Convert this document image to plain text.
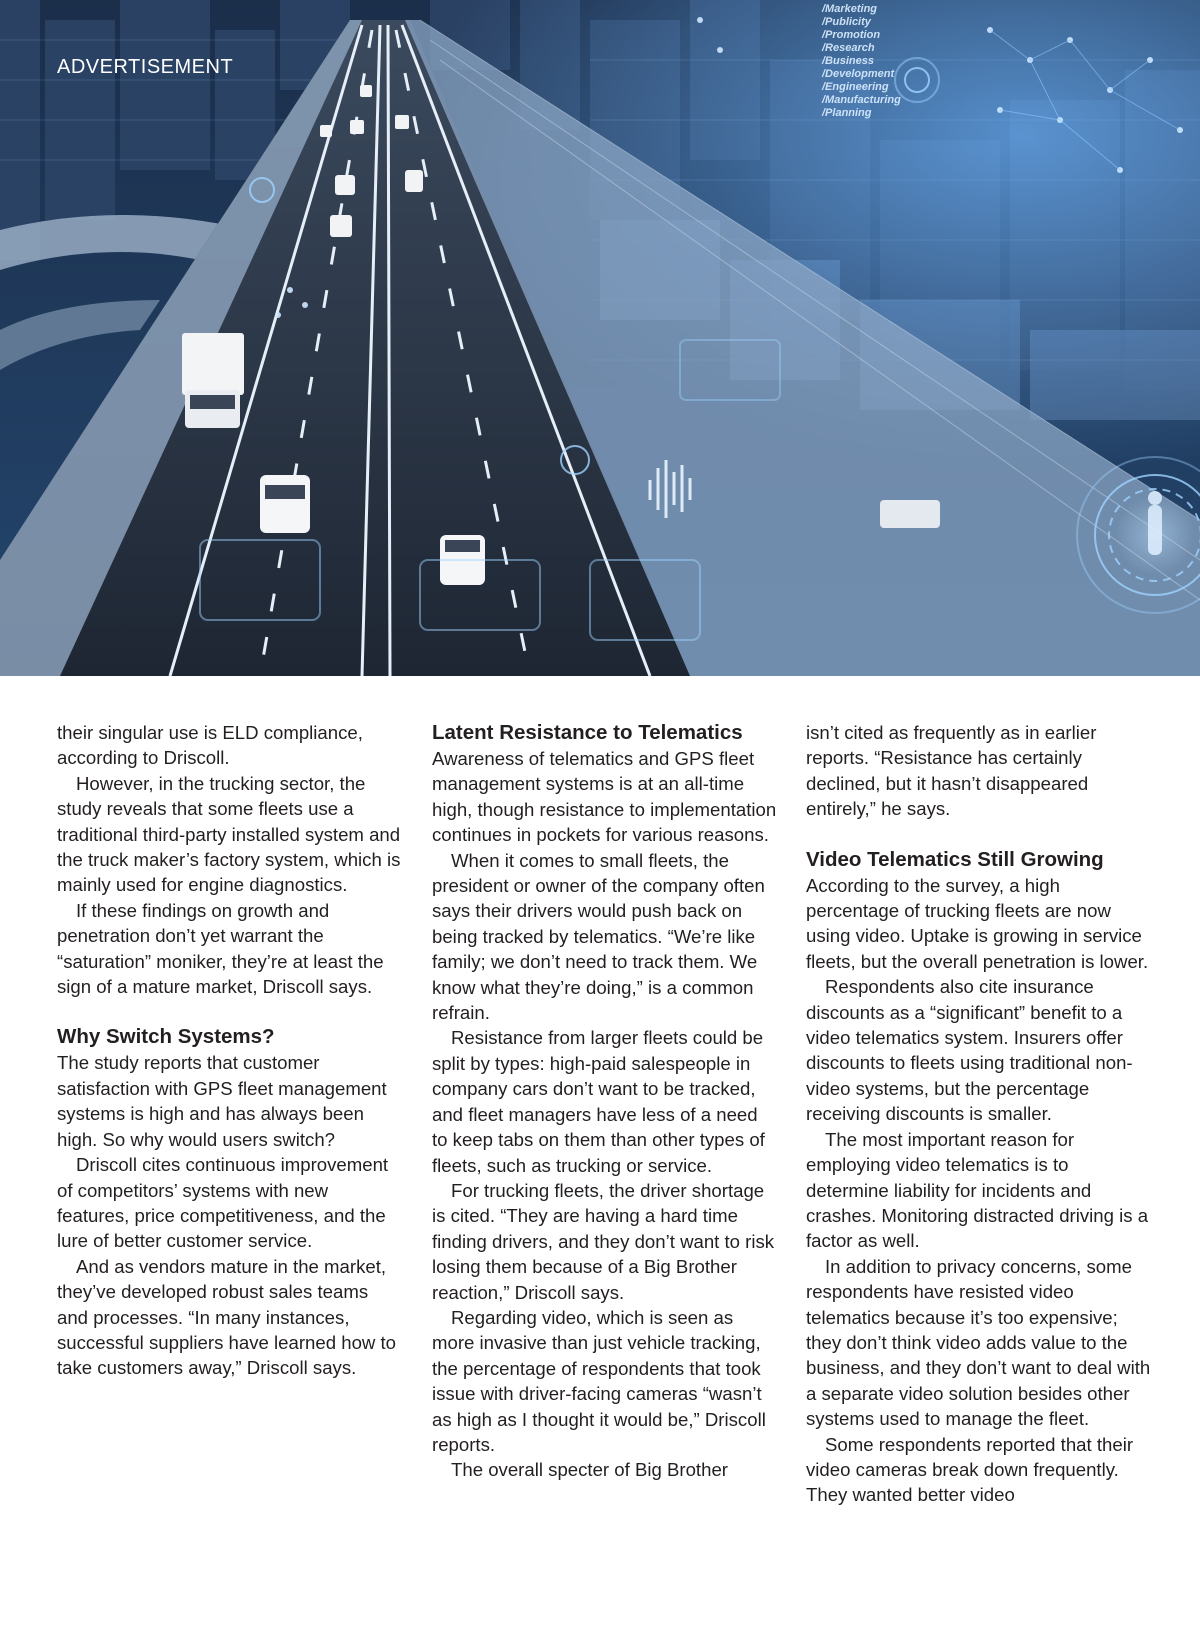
/Marketing
/Publicity
/Promotion
/Research
/Business
/Development
/Engineering
/Manufacturing
/Planning
ADVERTISEMENT

their singular use is ELD compliance, according to Driscoll.

However, in the trucking sector, the study reveals that some fleets use a traditional third-party installed system and the truck maker’s factory system, which is mainly used for engine diagnostics.

If these findings on growth and penetration don’t yet warrant the “saturation” moniker, they’re at least the sign of a mature market, Driscoll says.

Why Switch Systems?

The study reports that customer satisfaction with GPS fleet management systems is high and has always been high. So why would users switch?

Driscoll cites continuous improvement of competitors’ systems with new features, price competitiveness, and the lure of better customer service.

And as vendors mature in the market, they’ve developed robust sales teams and processes. “In many instances, successful suppliers have learned how to take customers away,” Driscoll says.

Latent Resistance to Telematics

Awareness of telematics and GPS fleet management systems is at an all-time high, though resistance to implementation continues in pockets for various reasons.

When it comes to small fleets, the president or owner of the company often says their drivers would push back on being tracked by telematics. “We’re like family; we don’t need to track them. We know what they’re doing,” is a common refrain.

Resistance from larger fleets could be split by types: high-paid salespeople in company cars don’t want to be tracked, and fleet managers have less of a need to keep tabs on them than other types of fleets, such as trucking or service.

For trucking fleets, the driver shortage is cited. “They are having a hard time finding drivers, and they don’t want to risk losing them because of a Big Brother reaction,” Driscoll says.

Regarding video, which is seen as more invasive than just vehicle tracking, the percentage of respondents that took issue with driver-facing cameras “wasn’t as high as I thought it would be,” Driscoll reports.

The overall specter of Big Brother

isn’t cited as frequently as in earlier reports. “Resistance has certainly declined, but it hasn’t disappeared entirely,” he says.

Video Telematics Still Growing

According to the survey, a high percentage of trucking fleets are now using video. Uptake is growing in service fleets, but the overall penetration is lower.

Respondents also cite insurance discounts as a “significant” benefit to a video telematics system. Insurers offer discounts to fleets using traditional non-video systems, but the percentage receiving discounts is smaller.

The most important reason for employing video telematics is to determine liability for incidents and crashes. Monitoring distracted driving is a factor as well.

In addition to privacy concerns, some respondents have resisted video telematics because it’s too expensive; they don’t think video adds value to the business, and they don’t want to deal with a separate video solution besides other systems used to manage the fleet.

Some respondents reported that their video cameras break down frequently. They wanted better video
